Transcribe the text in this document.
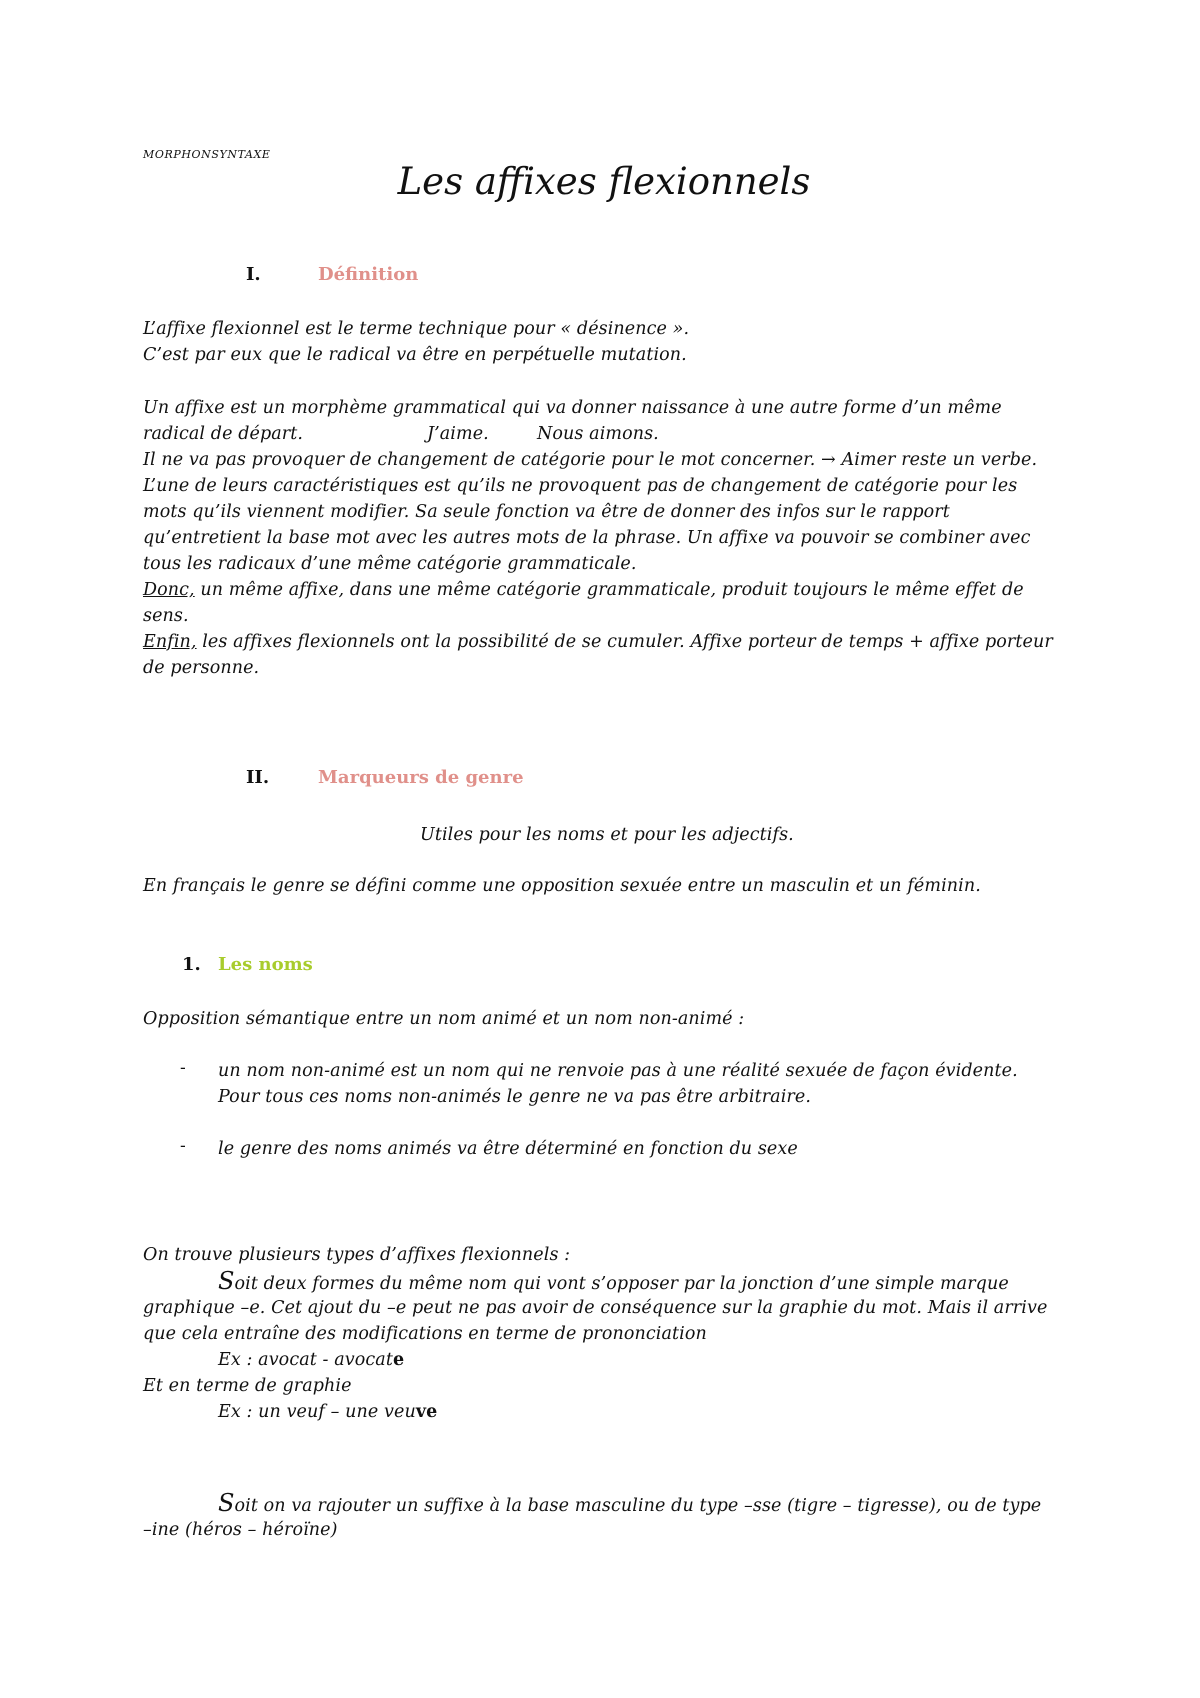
MORPHONSYNTAXE
Les affixes flexionnels
I.	Définition
L’affixe flexionnel est le terme technique pour « désinence ».
C’est par eux que le radical va être en perpétuelle mutation.
Un affixe est un morphème grammatical qui va donner naissance à une autre forme d’un même
radical de départ.	J’aime.	Nous aimons.
Il ne va pas provoquer de changement de catégorie pour le mot concerner. → Aimer reste un verbe.
L’une de leurs caractéristiques est qu’ils ne provoquent pas de changement de catégorie pour les
mots qu’ils viennent modifier. Sa seule fonction va être de donner des infos sur le rapport
qu’entretient la base mot avec les autres mots de la phrase. Un affixe va pouvoir se combiner avec
tous les radicaux d’une même catégorie grammaticale.
Donc, un même affixe, dans une même catégorie grammaticale, produit toujours le même effet de
sens.
Enfin, les affixes flexionnels ont la possibilité de se cumuler. Affixe porteur de temps + affixe porteur
de personne.
II.	Marqueurs de genre
Utiles pour les noms et pour les adjectifs.
En français le genre se défini comme une opposition sexuée entre un masculin et un féminin.
1. Les noms
Opposition sémantique entre un nom animé et un nom non-animé :
- un nom non-animé est un nom qui ne renvoie pas à une réalité sexuée de façon évidente.
Pour tous ces noms non-animés le genre ne va pas être arbitraire.
- le genre des noms animés va être déterminé en fonction du sexe
On trouve plusieurs types d’affixes flexionnels :
Soit deux formes du même nom qui vont s’opposer par la jonction d’une simple marque
graphique –e. Cet ajout du –e peut ne pas avoir de conséquence sur la graphie du mot. Mais il arrive
que cela entraîne des modifications en terme de prononciation
Ex : avocat - avocate
Et en terme de graphie
Ex : un veuf – une veuve
Soit on va rajouter un suffixe à la base masculine du type –sse (tigre – tigresse), ou de type
–ine (héros – héroïne)
